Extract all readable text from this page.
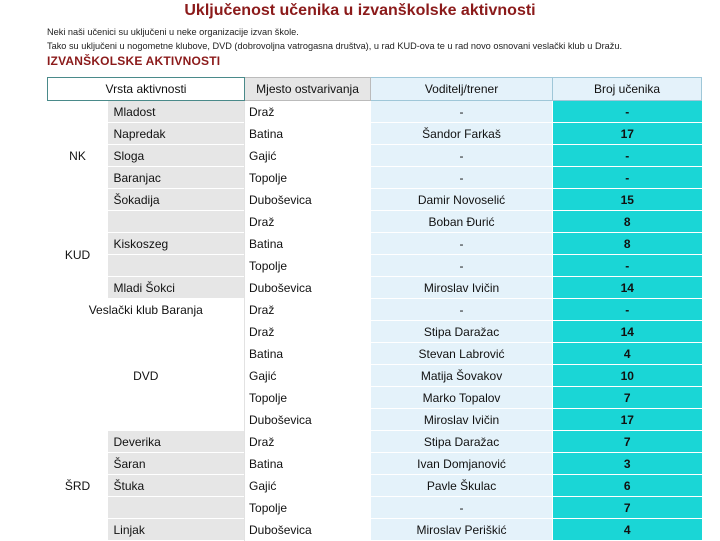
Uključenost učenika u izvanškolske aktivnosti
Neki naši učenici su uključeni u neke organizacije izvan škole.
Tako su uključeni u nogometne klubove, DVD (dobrovoljna vatrogasna društva), u rad KUD-ova te u rad novo osnovani veslački klub u Dražu.
IZVANŠKOLSKE AKTIVNOSTI
Vrsta aktivnosti		Mjesto ostvarivanja	Voditelj/trener	Broj učenika
NK	Mladost	Draž	-	-
	Napredak	Batina	Šandor Farkaš	17
	Sloga	Gajić	-	-
	Baranjac	Topolje	-	-
	Šokadija	Duboševica	Damir Novoselić	15
KUD		Draž	Boban Đurić	8
	Kiskoszeg	Batina	-	8
		Topolje	-	-
	Mladi Šokci	Duboševica	Miroslav Ivičin	14
Veslački klub Baranja		Draž	-	-
DVD		Draž	Stipa Daražac	14
		Batina	Stevan Labrović	4
		Gajić	Matija Šovakov	10
		Topolje	Marko Topalov	7
		Duboševica	Miroslav Ivičin	17
ŠRD	Deverika	Draž	Stipa Daražac	7
	Šaran	Batina	Ivan Domjanović	3
	Štuka	Gajić	Pavle Škulac	6
		Topolje	-	7
	Linjak	Duboševica	Miroslav Periškić	4
